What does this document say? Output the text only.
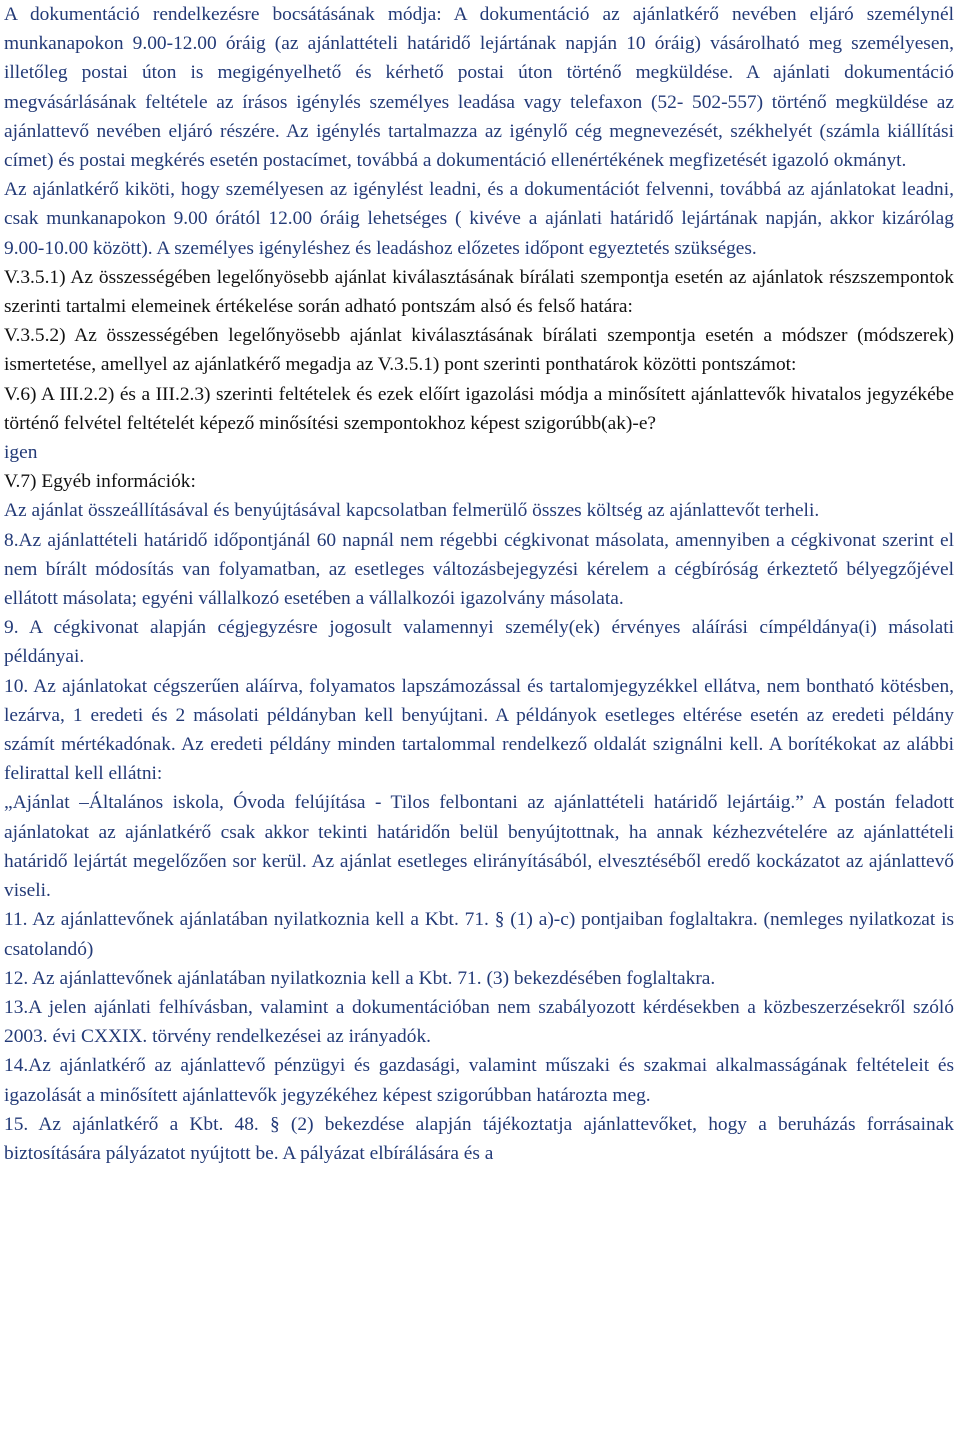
A dokumentáció rendelkezésre bocsátásának módja: A dokumentáció az ajánlatkérő nevében eljáró személynél munkanapokon 9.00-12.00 óráig (az ajánlattételi határidő lejártának napján 10 óráig) vásárolható meg személyesen, illetőleg postai úton is megigényelhető és kérhető postai úton történő megküldése. A ajánlati dokumentáció megvásárlásának feltétele az írásos igénylés személyes leadása vagy telefaxon (52- 502-557) történő megküldése az ajánlattevő nevében eljáró részére. Az igénylés tartalmazza az igénylő cég megnevezését, székhelyét (számla kiállítási címet) és postai megkérés esetén postacímet, továbbá a dokumentáció ellenértékének megfizetését igazoló okmányt.

Az ajánlatkérő kiköti, hogy személyesen az igénylést leadni, és a dokumentációt felvenni, továbbá az ajánlatokat leadni, csak munkanapokon 9.00 órától 12.00 óráig lehetséges ( kivéve a ajánlati határidő lejártának napján, akkor kizárólag 9.00-10.00 között). A személyes igényléshez és leadáshoz előzetes időpont egyeztetés szükséges.

V.3.5.1) Az összességében legelőnyösebb ajánlat kiválasztásának bírálati szempontja esetén az ajánlatok részszempontok szerinti tartalmi elemeinek értékelése során adható pontszám alsó és felső határa:

V.3.5.2) Az összességében legelőnyösebb ajánlat kiválasztásának bírálati szempontja esetén a módszer (módszerek) ismertetése, amellyel az ajánlatkérő megadja az V.3.5.1) pont szerinti ponthatárok közötti pontszámot:

V.6) A III.2.2) és a III.2.3) szerinti feltételek és ezek előírt igazolási módja a minősített ajánlattevők hivatalos jegyzékébe történő felvétel feltételét képező minősítési szempontokhoz képest szigorúbb(ak)-e?

igen

V.7) Egyéb információk:

Az ajánlat összeállításával és benyújtásával kapcsolatban felmerülő összes költség az ajánlattevőt terheli.

8.Az ajánlattételi határidő időpontjánál 60 napnál nem régebbi cégkivonat másolata, amennyiben a cégkivonat szerint el nem bírált módosítás van folyamatban, az esetleges változásbejegyzési kérelem a cégbíróság érkeztető bélyegzőjével ellátott másolata; egyéni vállalkozó esetében a vállalkozói igazolvány másolata.

9. A cégkivonat alapján cégjegyzésre jogosult valamennyi személy(ek) érvényes aláírási címpéldánya(i) másolati példányai.

10. Az ajánlatokat cégszerűen aláírva, folyamatos lapszámozással és tartalomjegyzékkel ellátva, nem bontható kötésben, lezárva, 1 eredeti és 2 másolati példányban kell benyújtani. A példányok esetleges eltérése esetén az eredeti példány számít mértékadónak. Az eredeti példány minden tartalommal rendelkező oldalát szignálni kell. A borítékokat az alábbi felirattal kell ellátni:

„Ajánlat –Általános iskola, Óvoda felújítása - Tilos felbontani az ajánlattételi határidő lejártáig.” A postán feladott ajánlatokat az ajánlatkérő csak akkor tekinti határidőn belül benyújtottnak, ha annak kézhezvételére az ajánlattételi határidő lejártát megelőzően sor kerül. Az ajánlat esetleges elirányításából, elvesztéséből eredő kockázatot az ajánlattevő viseli.

11. Az ajánlattevőnek ajánlatában nyilatkoznia kell a Kbt. 71. § (1) a)-c) pontjaiban foglaltakra. (nemleges nyilatkozat is csatolandó)

12. Az ajánlattevőnek ajánlatában nyilatkoznia kell a Kbt. 71. (3) bekezdésében foglaltakra.

13.A jelen ajánlati felhívásban, valamint a dokumentációban nem szabályozott kérdésekben a közbeszerzésekről szóló 2003. évi CXXIX. törvény rendelkezései az irányadók.

14.Az ajánlatkérő az ajánlattevő pénzügyi és gazdasági, valamint műszaki és szakmai alkalmasságának feltételeit és igazolását a minősített ajánlattevők jegyzékéhez képest szigorúbban határozta meg.

15. Az ajánlatkérő a Kbt. 48. § (2) bekezdése alapján tájékoztatja ajánlattevőket, hogy a beruházás forrásainak biztosítására pályázatot nyújtott be. A pályázat elbírálására és a
